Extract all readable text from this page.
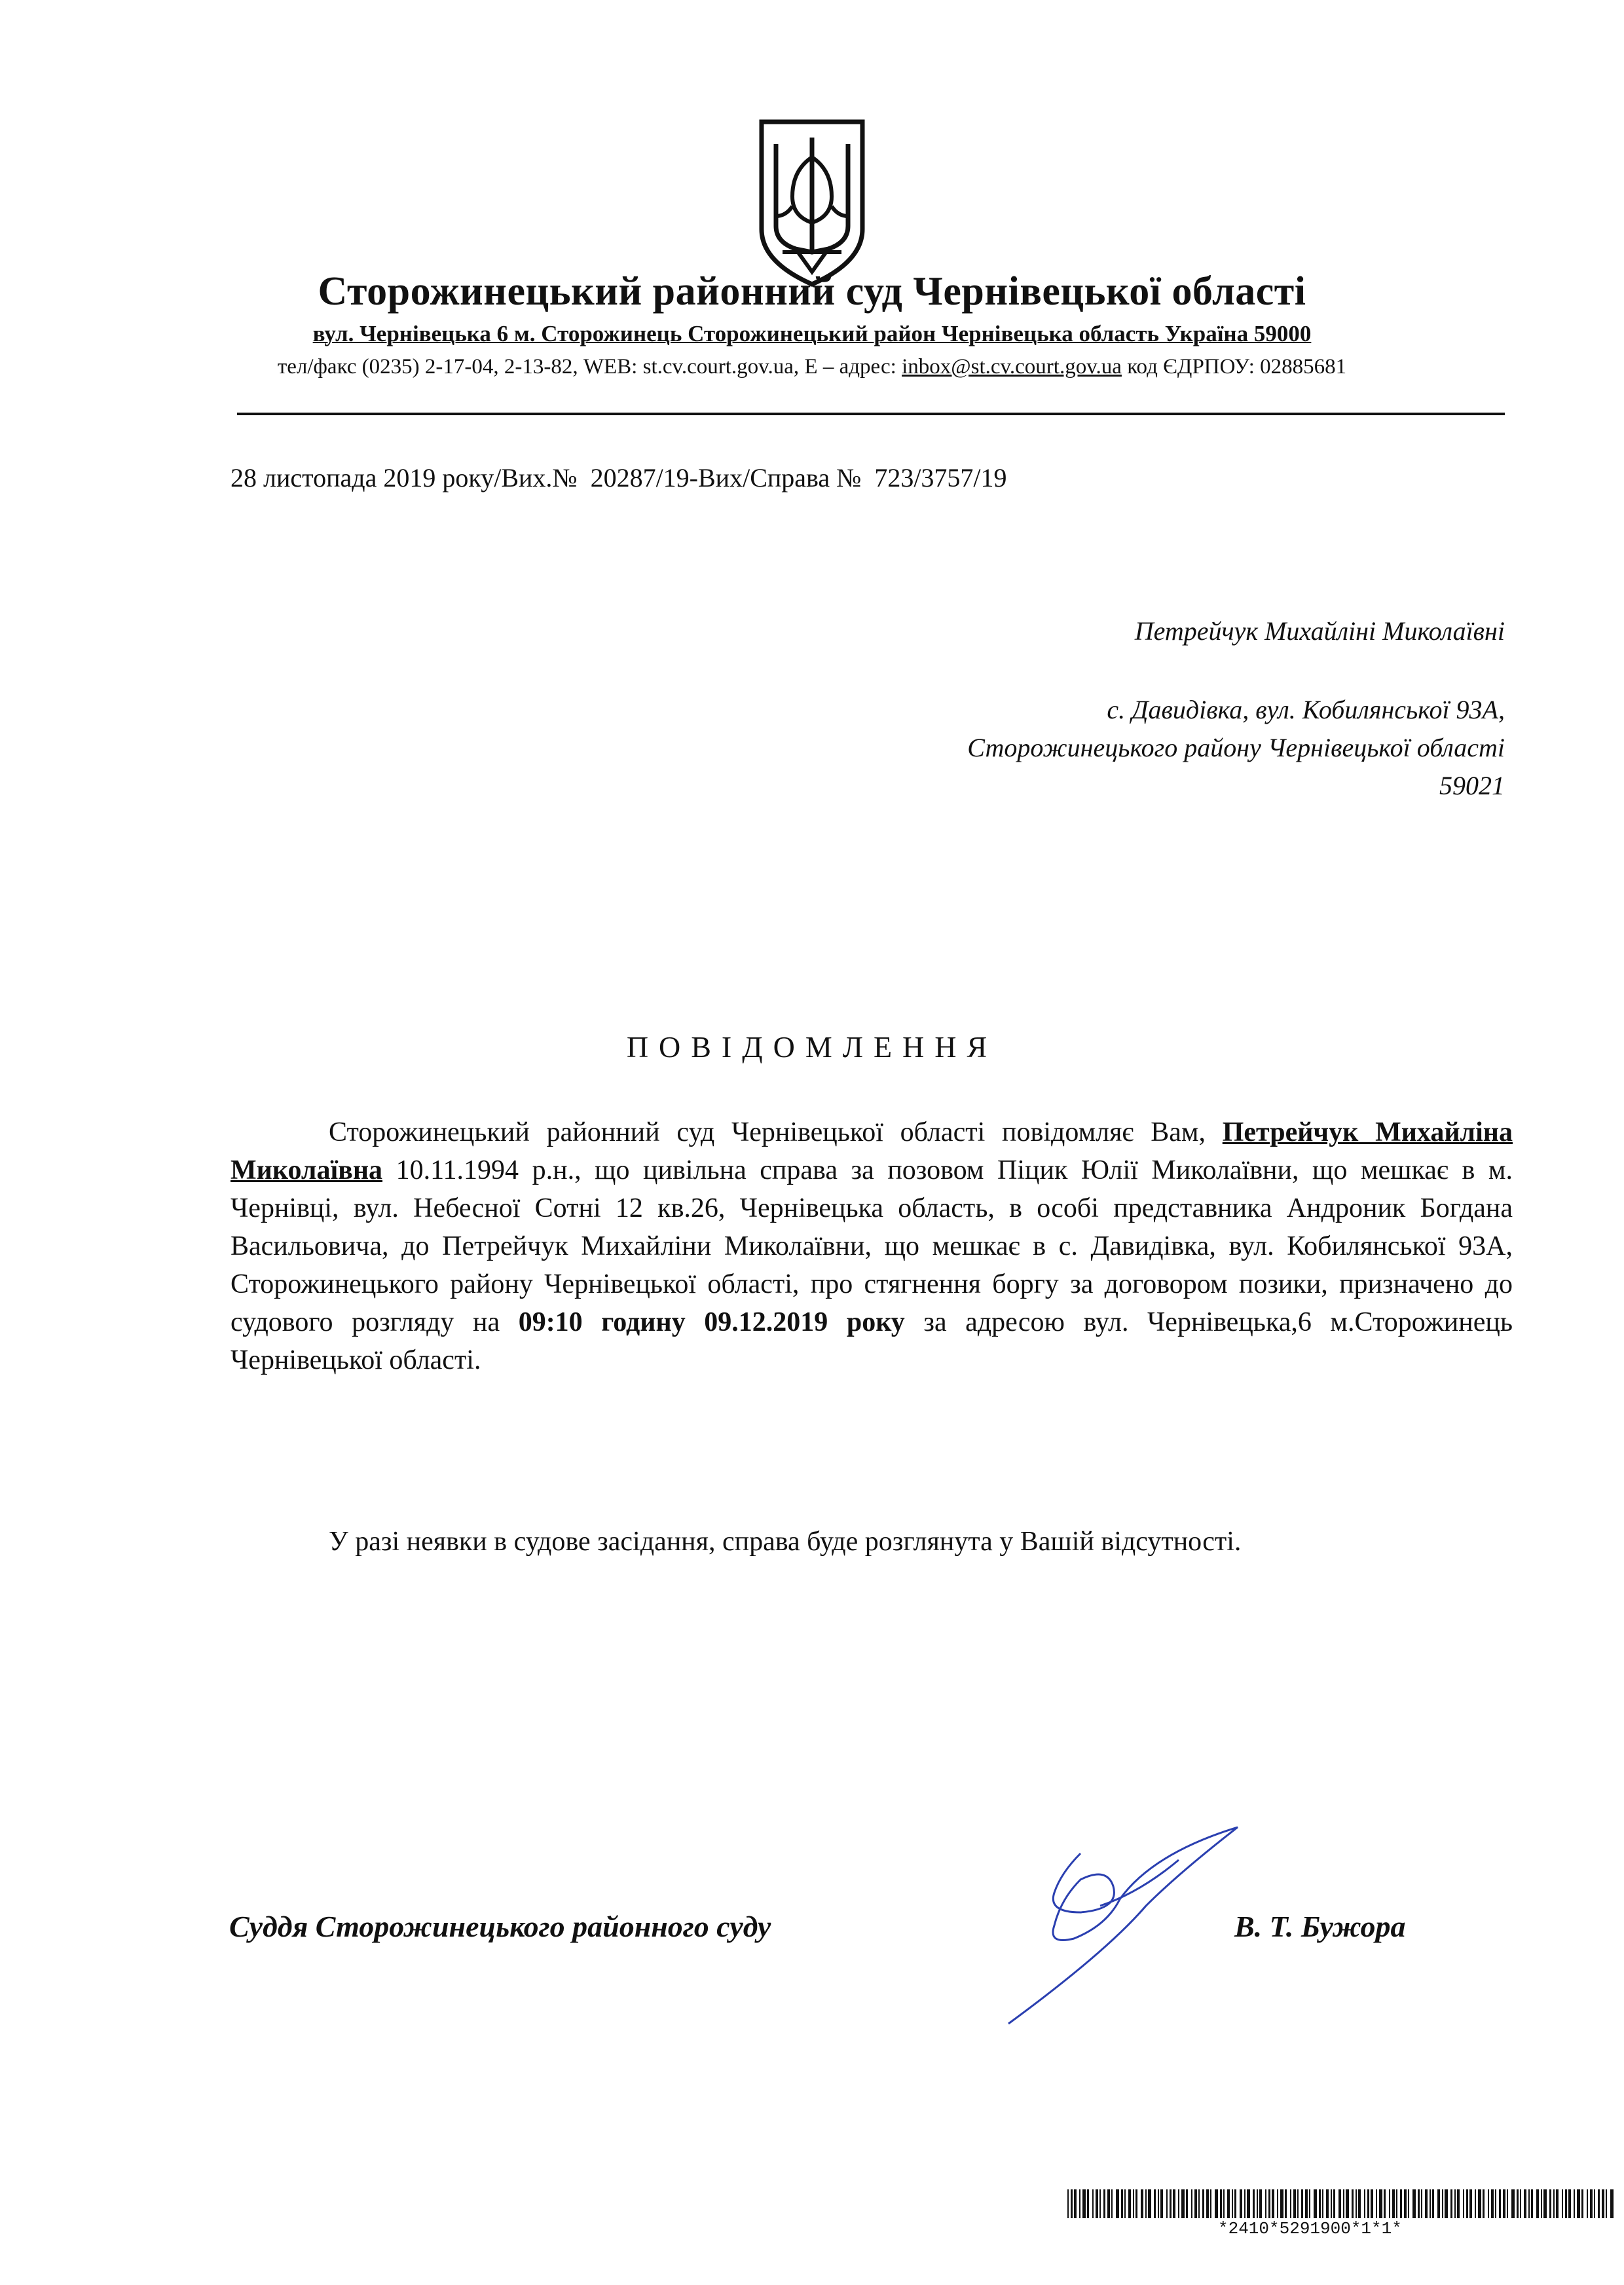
Сторожинецький районний суд Чернівецької області
вул. Чернівецька 6 м. Сторожинець Сторожинецький район Чернівецька область Україна 59000
тел/факс (0235) 2-17-04, 2-13-82, WEB: st.cv.court.gov.ua, E – адрес: inbox@st.cv.court.gov.ua код ЄДРПОУ: 02885681
28 листопада 2019 року/Вих.№  20287/19-Вих/Справа №  723/3757/19
Петрейчук Михайліні Миколаївні
с. Давидівка, вул. Кобилянської 93А,
Сторожинецького району Чернівецької області
59021
ПОВІДОМЛЕННЯ
Сторожинецький районний суд Чернівецької області повідомляє Вам, Петрейчук Михайліна Миколаївна 10.11.1994 р.н., що цивільна справа за позовом Піцик Юлії Миколаївни, що мешкає в м. Чернівці, вул. Небесної Сотні 12 кв.26, Чернівецька область, в особі представника Андроник Богдана Васильовича, до Петрейчук Михайліни Миколаївни, що мешкає в с. Давидівка, вул. Кобилянської 93А, Сторожинецького району Чернівецької області, про стягнення боргу за договором позики, призначено до судового розгляду на 09:10 годину 09.12.2019 року за адресою вул. Чернівецька,6 м.Сторожинець Чернівецької області.
У разі неявки в судове засідання, справа буде розглянута у Вашій відсутності.
Суддя Сторожинецького районного суду	В. Т. Бужора
*2410*5291900*1*1*
